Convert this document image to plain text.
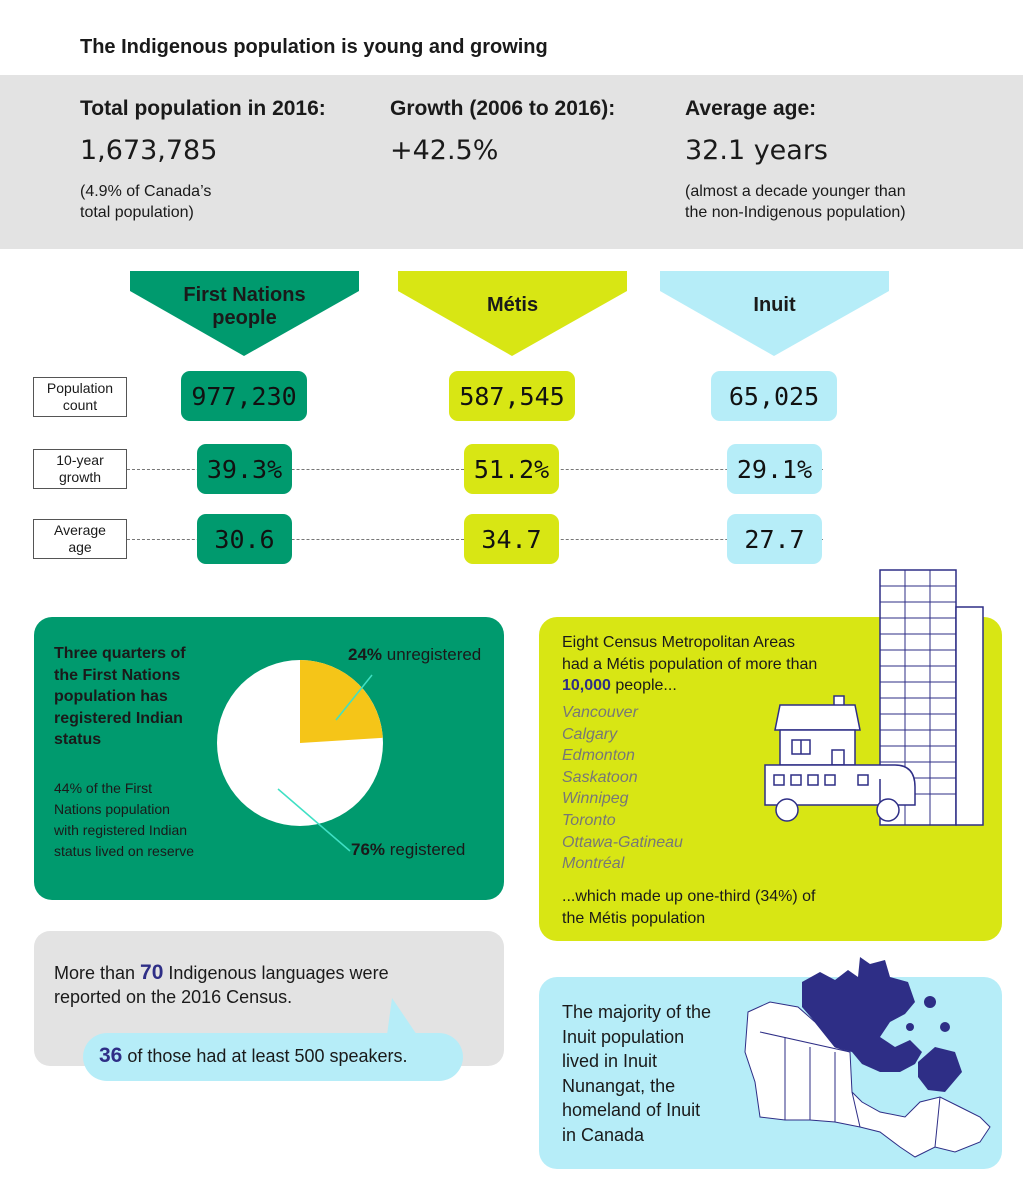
The Indigenous population is young and growing
Total population in 2016:
1,673,785
(4.9% of Canada’s
total population)
Growth (2006 to 2016):
+42.5%
Average age:
32.1 years
(almost a decade younger than
the non-Indigenous population)
First Nations
people
Métis	Inuit
Population
count	977,230	587,545	65,025
10-year
growth	39.3%	51.2%	29.1%
Average
age	30.6	34.7	27.7
Three quarters of
the First Nations
population has
registered Indian
status
44% of the First
Nations population
with registered Indian
status lived on reserve
24% unregistered
76% registered
Eight Census Metropolitan Areas
had a Métis population of more than
10,000 people...
Vancouver
Calgary
Edmonton
Saskatoon
Winnipeg
Toronto
Ottawa-Gatineau
Montréal
...which made up one-third (34%) of
the Métis population
More than 70 Indigenous languages were
reported on the 2016 Census.
36 of those had at least 500 speakers.
The majority of the
Inuit population
lived in Inuit
Nunangat, the
homeland of Inuit
in Canada
